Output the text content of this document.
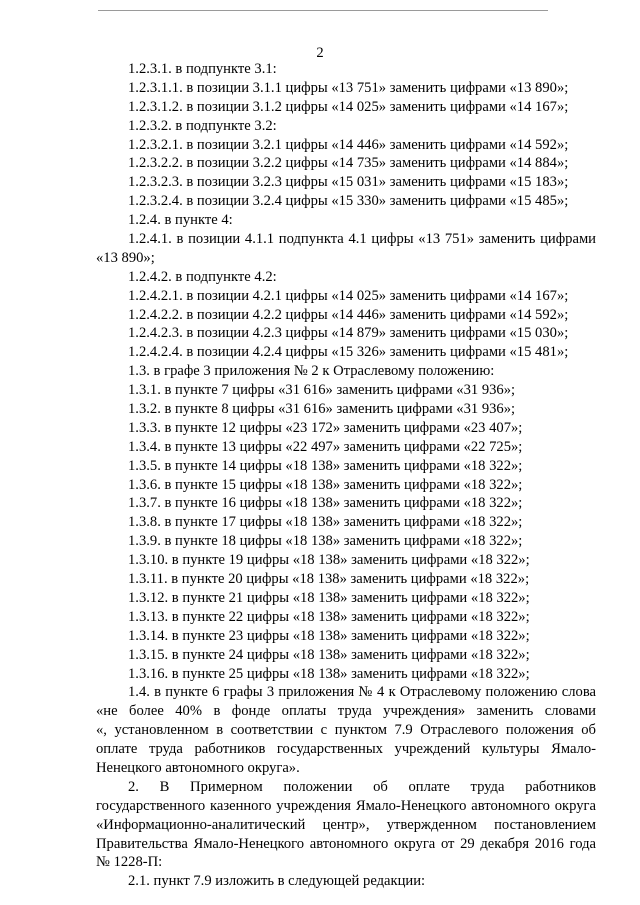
2
1.2.3.1. в подпункте 3.1:
1.2.3.1.1. в позиции 3.1.1 цифры «13 751» заменить цифрами «13 890»;
1.2.3.1.2. в позиции 3.1.2 цифры «14 025» заменить цифрами «14 167»;
1.2.3.2. в подпункте 3.2:
1.2.3.2.1. в позиции 3.2.1 цифры «14 446» заменить цифрами «14 592»;
1.2.3.2.2. в позиции 3.2.2 цифры «14 735» заменить цифрами «14 884»;
1.2.3.2.3. в позиции 3.2.3 цифры «15 031» заменить цифрами «15 183»;
1.2.3.2.4. в позиции 3.2.4 цифры «15 330» заменить цифрами «15 485»;
1.2.4. в пункте 4:
1.2.4.1. в позиции 4.1.1 подпункта 4.1 цифры «13 751» заменить цифрами
«13 890»;
1.2.4.2. в подпункте 4.2:
1.2.4.2.1. в позиции 4.2.1 цифры «14 025» заменить цифрами «14 167»;
1.2.4.2.2. в позиции 4.2.2 цифры «14 446» заменить цифрами «14 592»;
1.2.4.2.3. в позиции 4.2.3 цифры «14 879» заменить цифрами «15 030»;
1.2.4.2.4. в позиции 4.2.4 цифры «15 326» заменить цифрами «15 481»;
1.3. в графе 3 приложения № 2 к Отраслевому положению:
1.3.1. в пункте 7 цифры «31 616» заменить цифрами «31 936»;
1.3.2. в пункте 8 цифры «31 616» заменить цифрами «31 936»;
1.3.3. в пункте 12 цифры «23 172» заменить цифрами «23 407»;
1.3.4. в пункте 13 цифры «22 497» заменить цифрами «22 725»;
1.3.5. в пункте 14 цифры «18 138» заменить цифрами «18 322»;
1.3.6. в пункте 15 цифры «18 138» заменить цифрами «18 322»;
1.3.7. в пункте 16 цифры «18 138» заменить цифрами «18 322»;
1.3.8. в пункте 17 цифры «18 138» заменить цифрами «18 322»;
1.3.9. в пункте 18 цифры «18 138» заменить цифрами «18 322»;
1.3.10. в пункте 19 цифры «18 138» заменить цифрами «18 322»;
1.3.11. в пункте 20 цифры «18 138» заменить цифрами «18 322»;
1.3.12. в пункте 21 цифры «18 138» заменить цифрами «18 322»;
1.3.13. в пункте 22 цифры «18 138» заменить цифрами «18 322»;
1.3.14. в пункте 23 цифры «18 138» заменить цифрами «18 322»;
1.3.15. в пункте 24 цифры «18 138» заменить цифрами «18 322»;
1.3.16. в пункте 25 цифры «18 138» заменить цифрами «18 322»;
1.4. в пункте 6 графы 3 приложения № 4 к Отраслевому положению слова
«не более 40% в фонде оплаты труда учреждения» заменить словами
«, установленном в соответствии с пунктом 7.9 Отраслевого положения об
оплате труда работников государственных учреждений культуры Ямало-
Ненецкого автономного округа».
2. В Примерном положении об оплате труда работников
государственного казенного учреждения Ямало-Ненецкого автономного округа
«Информационно-аналитический центр», утвержденном постановлением
Правительства Ямало-Ненецкого автономного округа от 29 декабря 2016 года
№ 1228-П:
2.1. пункт 7.9 изложить в следующей редакции:
